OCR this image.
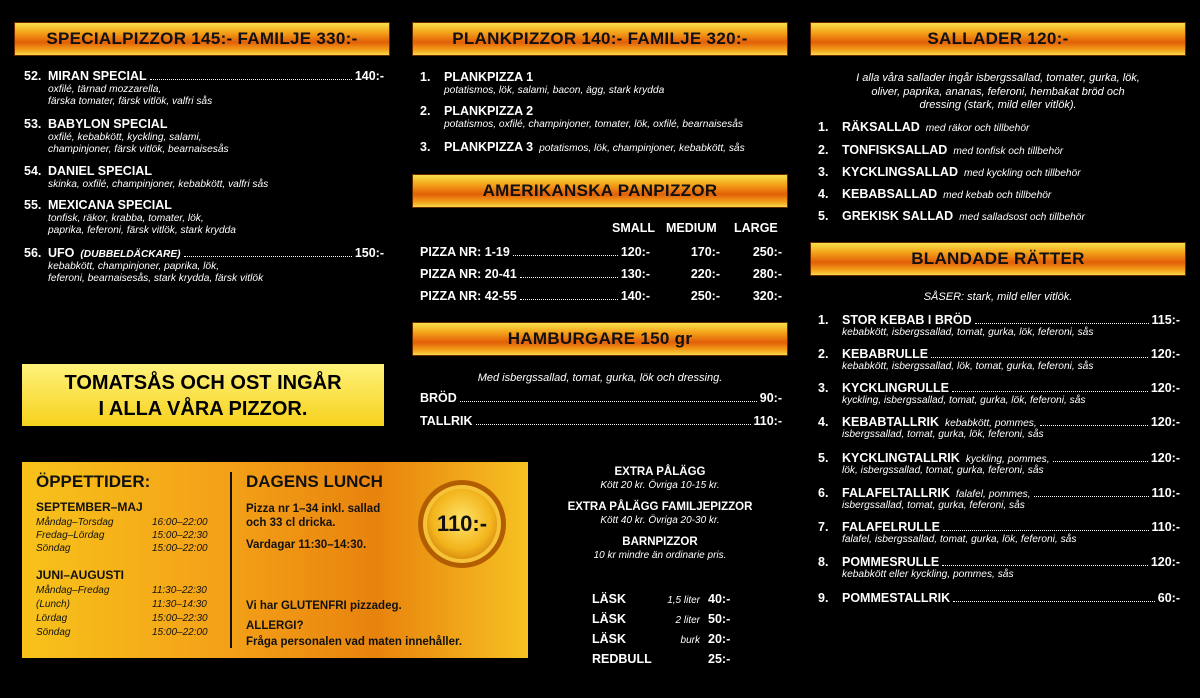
SPECIALPIZZOR 145:- FAMILJE 330:-
52. MIRAN SPECIAL	140:-
oxfilé, tärnad mozzarella,
färska tomater, färsk vitlök, valfri sås
53. BABYLON SPECIAL
oxfilé, kebabkött, kyckling, salami,
champinjoner, färsk vitlök, bearnaisesås
54. DANIEL SPECIAL
skinka, oxfilé, champinjoner, kebabkött, valfri sås
55. MEXICANA SPECIAL
tonfisk, räkor, krabba, tomater, lök,
paprika, feferoni, färsk vitlök, stark krydda
56. UFO (DUBBELDÄCKARE)	150:-
kebabkött, champinjoner, paprika, lök,
feferoni, bearnaisesås, stark krydda, färsk vitlök
TOMATSÅS OCH OST INGÅR
I ALLA VÅRA PIZZOR.
ÖPPETTIDER:
SEPTEMBER–MAJ
Måndag–Torsdag	16:00–22:00
Fredag–Lördag	15:00–22:30
Söndag	15:00–22:00
JUNI–AUGUSTI
Måndag–Fredag	11:30–22:30
(Lunch)	11:30–14:30
Lördag	15:00–22:30
Söndag	15:00–22:00
DAGENS LUNCH
Pizza nr 1–34 inkl. sallad
och 33 cl dricka.
Vardagar 11:30–14:30.
110:-
Vi har GLUTENFRI pizzadeg.
ALLERGI?
Fråga personalen vad maten innehåller.
PLANKPIZZOR 140:- FAMILJE 320:-
1.	PLANKPIZZA 1
potatismos, lök, salami, bacon, ägg, stark krydda
2.	PLANKPIZZA 2
potatismos, oxfilé, champinjoner, tomater, lök, oxfilé, bearnaisesås
3.	PLANKPIZZA 3 potatismos, lök, champinjoner, kebabkött, sås
AMERIKANSKA PANPIZZOR
SMALL MEDIUM	LARGE
PIZZA NR: 1-19	120:-	170:-	250:-
PIZZA NR: 20-41	130:-	220:-	280:-
PIZZA NR: 42-55	140:-	250:-	320:-
HAMBURGARE 150 gr
Med isbergssallad, tomat, gurka, lök och dressing.
BRÖD	90:-
TALLRIK	110:-
EXTRA PÅLÄGG
Kött 20 kr. Övriga 10-15 kr.
EXTRA PÅLÄGG FAMILJEPIZZOR
Kött 40 kr. Övriga 20-30 kr.
BARNPIZZOR
10 kr mindre än ordinarie pris.
LÄSK	1,5 liter 40:-
LÄSK	2 liter 50:-
LÄSK	burk 20:-
REDBULL	25:-
SALLADER 120:-
I alla våra sallader ingår isbergssallad, tomater, gurka, lök,
oliver, paprika, ananas, feferoni, hembakat bröd och
dressing (stark, mild eller vitlök).
1.	RÄKSALLAD med räkor och tillbehör
2.	TONFISKSALLAD med tonfisk och tillbehör
3.	KYCKLINGSALLAD med kyckling och tillbehör
4.	KEBABSALLAD med kebab och tillbehör
5.	GREKISK SALLAD med salladsost och tillbehör
BLANDADE RÄTTER
SÅSER: stark, mild eller vitlök.
1.	STOR KEBAB I BRÖD	115:-
kebabkött, isbergssallad, tomat, gurka, lök, feferoni, sås
2.	KEBABRULLE	120:-
kebabkött, isbergssallad, lök, tomat, gurka, feferoni, sås
3.	KYCKLINGRULLE	120:-
kyckling, isbergssallad, tomat, gurka, lök, feferoni, sås
4.	KEBABTALLRIK kebabkött, pommes,	120:-
isbergssallad, tomat, gurka, lök, feferoni, sås
5.	KYCKLINGTALLRIK kyckling, pommes,	120:-
lök, isbergssallad, tomat, gurka, feferoni, sås
6.	FALAFELTALLRIK falafel, pommes,	110:-
isbergssallad, tomat, gurka, feferoni, sås
7.	FALAFELRULLE	110:-
falafel, isbergssallad, tomat, gurka, lök, feferoni, sås
8.	POMMESRULLE	120:-
kebabkött eller kyckling, pommes, sås
9.	POMMESTALLRIK	60:-
